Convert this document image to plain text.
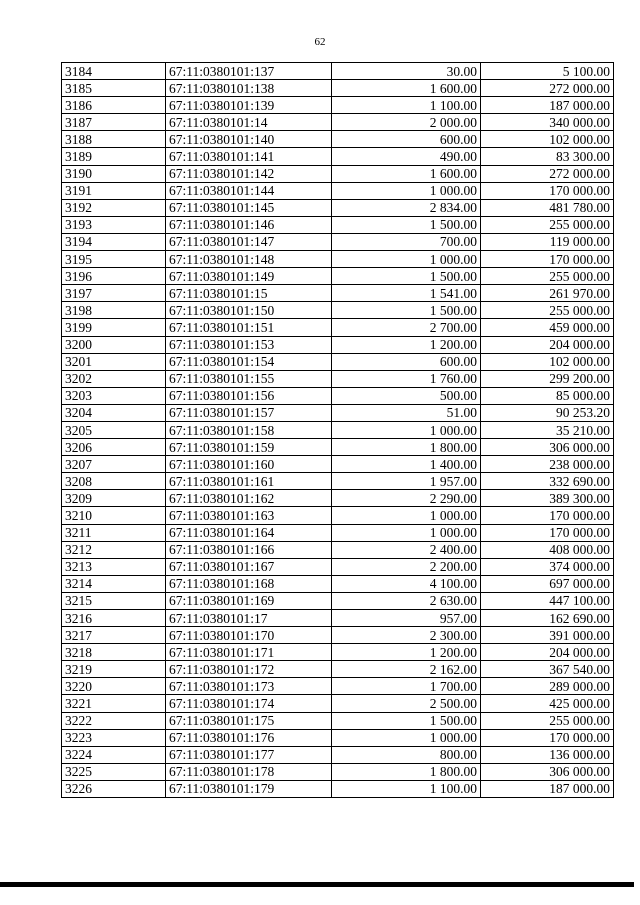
62
3184	67:11:0380101:137	30.00	5 100.00
3185	67:11:0380101:138	1 600.00	272 000.00
3186	67:11:0380101:139	1 100.00	187 000.00
3187	67:11:0380101:14	2 000.00	340 000.00
3188	67:11:0380101:140	600.00	102 000.00
3189	67:11:0380101:141	490.00	83 300.00
3190	67:11:0380101:142	1 600.00	272 000.00
3191	67:11:0380101:144	1 000.00	170 000.00
3192	67:11:0380101:145	2 834.00	481 780.00
3193	67:11:0380101:146	1 500.00	255 000.00
3194	67:11:0380101:147	700.00	119 000.00
3195	67:11:0380101:148	1 000.00	170 000.00
3196	67:11:0380101:149	1 500.00	255 000.00
3197	67:11:0380101:15	1 541.00	261 970.00
3198	67:11:0380101:150	1 500.00	255 000.00
3199	67:11:0380101:151	2 700.00	459 000.00
3200	67:11:0380101:153	1 200.00	204 000.00
3201	67:11:0380101:154	600.00	102 000.00
3202	67:11:0380101:155	1 760.00	299 200.00
3203	67:11:0380101:156	500.00	85 000.00
3204	67:11:0380101:157	51.00	90 253.20
3205	67:11:0380101:158	1 000.00	35 210.00
3206	67:11:0380101:159	1 800.00	306 000.00
3207	67:11:0380101:160	1 400.00	238 000.00
3208	67:11:0380101:161	1 957.00	332 690.00
3209	67:11:0380101:162	2 290.00	389 300.00
3210	67:11:0380101:163	1 000.00	170 000.00
3211	67:11:0380101:164	1 000.00	170 000.00
3212	67:11:0380101:166	2 400.00	408 000.00
3213	67:11:0380101:167	2 200.00	374 000.00
3214	67:11:0380101:168	4 100.00	697 000.00
3215	67:11:0380101:169	2 630.00	447 100.00
3216	67:11:0380101:17	957.00	162 690.00
3217	67:11:0380101:170	2 300.00	391 000.00
3218	67:11:0380101:171	1 200.00	204 000.00
3219	67:11:0380101:172	2 162.00	367 540.00
3220	67:11:0380101:173	1 700.00	289 000.00
3221	67:11:0380101:174	2 500.00	425 000.00
3222	67:11:0380101:175	1 500.00	255 000.00
3223	67:11:0380101:176	1 000.00	170 000.00
3224	67:11:0380101:177	800.00	136 000.00
3225	67:11:0380101:178	1 800.00	306 000.00
3226	67:11:0380101:179	1 100.00	187 000.00
